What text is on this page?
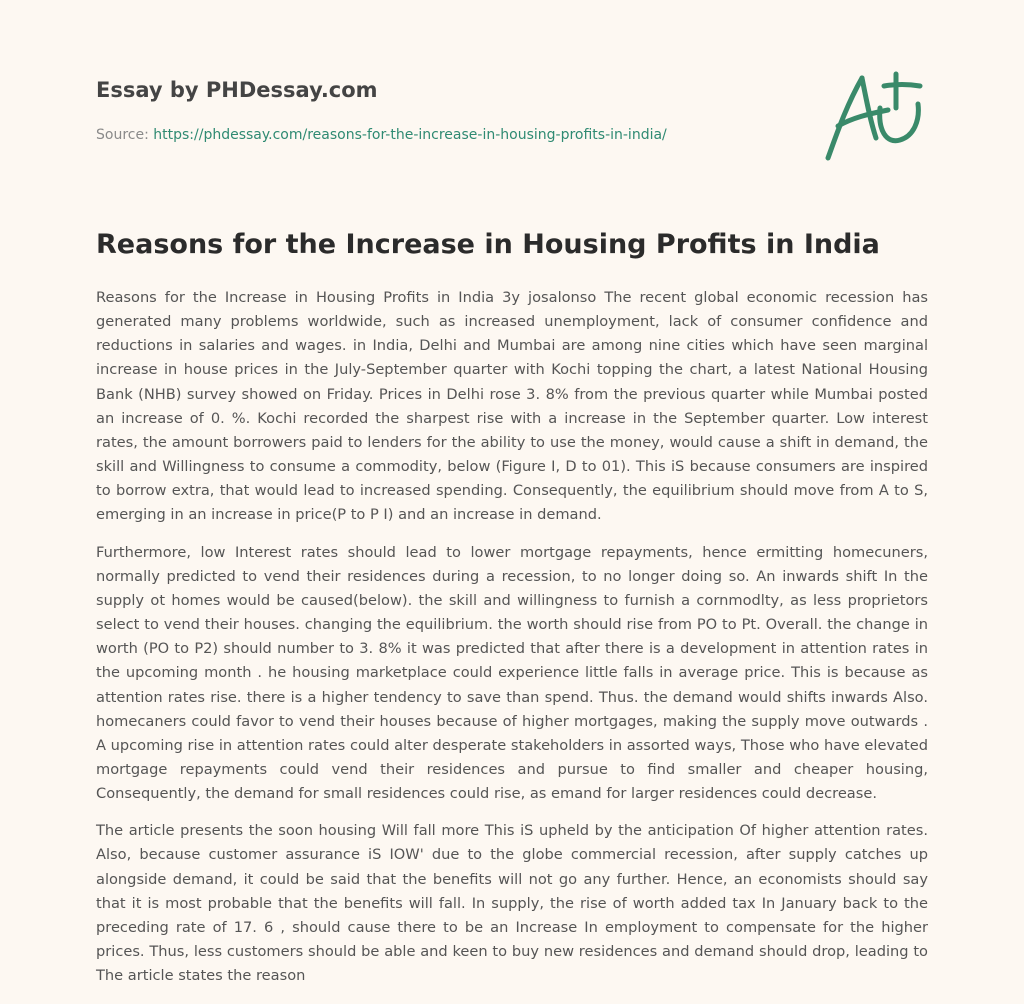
Essay by PHDessay.com
Source: https://phdessay.com/reasons-for-the-increase-in-housing-profits-in-india/
Reasons for the Increase in Housing Profits in India

Reasons for the Increase in Housing Profits in India 3y josalonso The recent global economic recession has generated many problems worldwide, such as increased unemployment, lack of consumer confidence and reductions in salaries and wages. in India, Delhi and Mumbai are among nine cities which have seen marginal increase in house prices in the July-September quarter with Kochi topping the chart, a latest National Housing Bank (NHB) survey showed on Friday. Prices in Delhi rose 3. 8% from the previous quarter while Mumbai posted an increase of 0. %. Kochi recorded the sharpest rise with a increase in the September quarter. Low interest rates, the amount borrowers paid to lenders for the ability to use the money, would cause a shift in demand, the skill and Willingness to consume a commodity, below (Figure I, D to 01). This iS because consumers are inspired to borrow extra, that would lead to increased spending. Consequently, the equilibrium should move from A to S, emerging in an increase in price(P to P I) and an increase in demand.

Furthermore, low Interest rates should lead to lower mortgage repayments, hence ermitting homecuners, normally predicted to vend their residences during a recession, to no longer doing so. An inwards shift In the supply ot homes would be caused(below). the skill and willingness to furnish a cornmodlty, as less proprietors select to vend their houses. changing the equilibrium. the worth should rise from PO to Pt. Overall. the change in worth (PO to P2) should number to 3. 8% it was predicted that after there is a development in attention rates in the upcoming month . he housing marketplace could experience little falls in average price. This is because as attention rates rise. there is a higher tendency to save than spend. Thus. the demand would shifts inwards Also. homecaners could favor to vend their houses because of higher mortgages, making the supply move outwards . A upcoming rise in attention rates could alter desperate stakeholders in assorted ways, Those who have elevated mortgage repayments could vend their residences and pursue to find smaller and cheaper housing, Consequently, the demand for small residences could rise, as emand for larger residences could decrease.

The article presents the soon housing Will fall more This iS upheld by the anticipation Of higher attention rates. Also, because customer assurance iS IOW' due to the globe commercial recession, after supply catches up alongside demand, it could be said that the benefits will not go any further. Hence, an economists should say that it is most probable that the benefits will fall. In supply, the rise of worth added tax In January back to the preceding rate of 17. 6 , should cause there to be an Increase In employment to compensate for the higher prices. Thus, less customers should be able and keen to buy new residences and demand should drop, leading to The article states the reason
